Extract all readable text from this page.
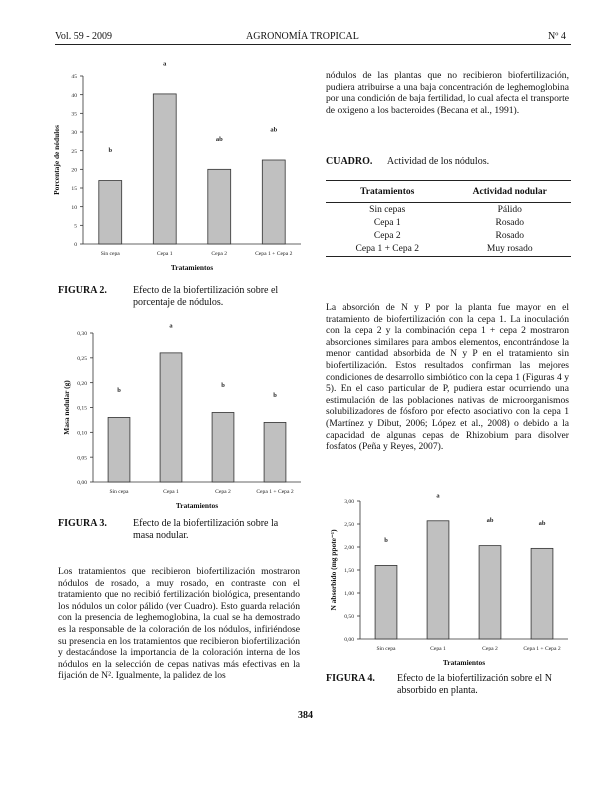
Vol. 59 - 2009	AGRONOMÍA TROPICAL	Nº 4
0
5
10
15
20
25
30
35
40
45
b
Sin cepa
a
Cepa 1
ab
Cepa 2
ab
Cepa 1 + Cepa 2
Tratamientos
Porcentaje de nódulos
FIGURA 2.	Efecto de la biofertilización sobre el
porcentaje de nódulos.
0,00
0,05
0,10
0,15
0,20
0,25
0,30
b
Sin cepa
a
Cepa 1
b
Cepa 2
b
Cepa 1 + Cepa 2
Tratamientos
Masa nodular (g)
FIGURA 3.	Efecto de la biofertilización sobre la
masa nodular.

Los tratamientos que recibieron biofertilización mostraron nódulos de rosado, a muy rosado, en contraste con el tratamiento que no recibió fertilización biológica, presentando los nódulos un color pálido (ver Cuadro). Esto guarda relación con la presencia de leghemoglobina, la cual se ha demostrado es la responsable de la coloración de los nódulos, infiriéndose su presencia en los tratamientos que recibieron biofertilización y destacándose la importancia de la coloración interna de los nódulos en la selección de cepas nativas más efectivas en la fijación de N². Igualmente, la palidez de los

nódulos de las plantas que no recibieron biofertilización, pudiera atribuirse a una baja concentración de leghemoglobina por una condición de baja fertilidad, lo cual afecta el transporte de oxigeno a los bacteroides (Becana et al., 1991).

CUADRO. Actividad de los nódulos.
Tratamientos	Actividad nodular
Sin cepas	Pálido
Cepa 1	Rosado
Cepa 2	Rosado
Cepa 1 + Cepa 2	Muy rosado

La absorción de N y P por la planta fue mayor en el tratamiento de biofertilización con la cepa 1. La inoculación con la cepa 2 y la combinación cepa 1 + cepa 2 mostraron absorciones similares para ambos elementos, encontrándose la menor cantidad absorbida de N y P en el tratamiento sin biofertilización. Estos resultados confirman las mejores condiciones de desarrollo simbiótico con la cepa 1 (Figuras 4 y 5). En el caso particular de P, pudiera estar ocurriendo una estimulación de las poblaciones nativas de microorganismos solubilizadores de fósforo por efecto asociativo con la cepa 1 (Martínez y Dibut, 2006; López et al., 2008) o debido a la capacidad de algunas cepas de Rhizobium para disolver fosfatos (Peña y Reyes, 2007).

0,00
0,50
1,00
1,50
2,00
2,50
3,00
b
Sin cepa
a
Cepa 1
ab
Cepa 2
ab
Cepa 1 + Cepa 2
Tratamientos
N absorbido (mg ppote⁻¹)
FIGURA 4. Efecto de la biofertilización sobre el N
absorbido en planta.
384
